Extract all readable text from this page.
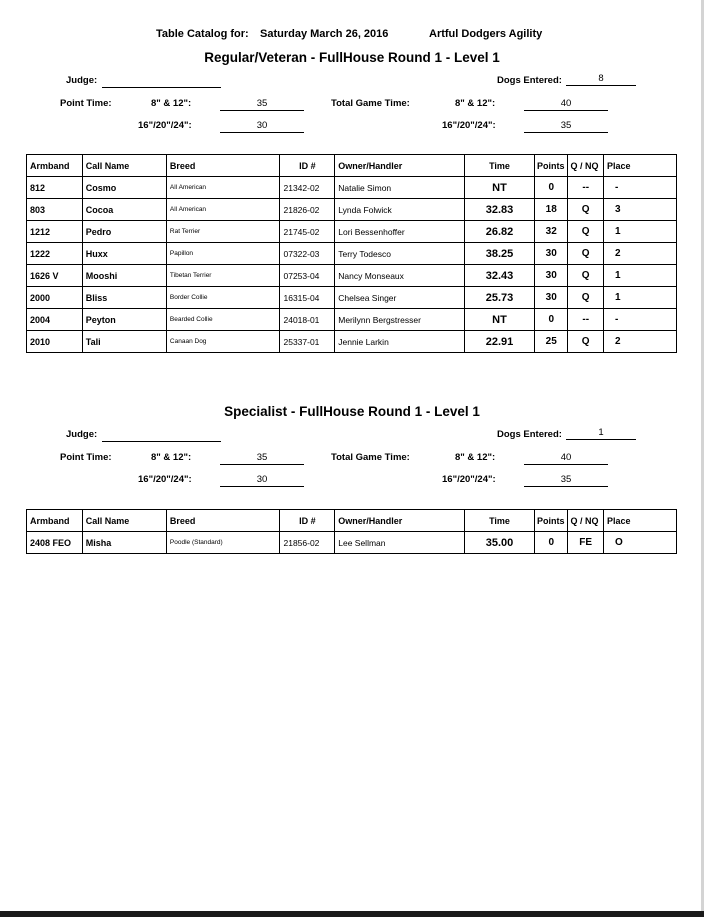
Table Catalog for: Saturday March 26, 2016	Artful Dodgers Agility
Regular/Veteran - FullHouse Round 1 - Level 1
Judge:	Dogs Entered:	8
Point Time:	8" & 12":	35	Total Game Time:	8" & 12":	40
16"/20"/24":	30	16"/20"/24":	35
Armband	Call Name	Breed	ID #	Owner/Handler	Time	Points	Q / NQ	Place
812	Cosmo	All American	21342-02	Natalie Simon	NT	0	--	-
803	Cocoa	All American	21826-02	Lynda Folwick	32.83	18	Q	3
1212	Pedro	Rat Terrier	21745-02	Lori Bessenhoffer	26.82	32	Q	1
1222	Huxx	Papillon	07322-03	Terry Todesco	38.25	30	Q	2
1626 V	Mooshi	Tibetan Terrier	07253-04	Nancy Monseaux	32.43	30	Q	1
2000	Bliss	Border Collie	16315-04	Chelsea Singer	25.73	30	Q	1
2004	Peyton	Bearded Collie	24018-01	Merilynn Bergstresser	NT	0	--	-
2010	Tali	Canaan Dog	25337-01	Jennie Larkin	22.91	25	Q	2
Specialist - FullHouse Round 1 - Level 1
Judge:	Dogs Entered:	1
Point Time:	8" & 12":	35	Total Game Time:	8" & 12":	40
16"/20"/24":	30	16"/20"/24":	35
Armband	Call Name	Breed	ID #	Owner/Handler	Time	Points	Q / NQ	Place
2408 FEO	Misha	Poodle (Standard)	21856-02	Lee Sellman	35.00	0	FE	O
